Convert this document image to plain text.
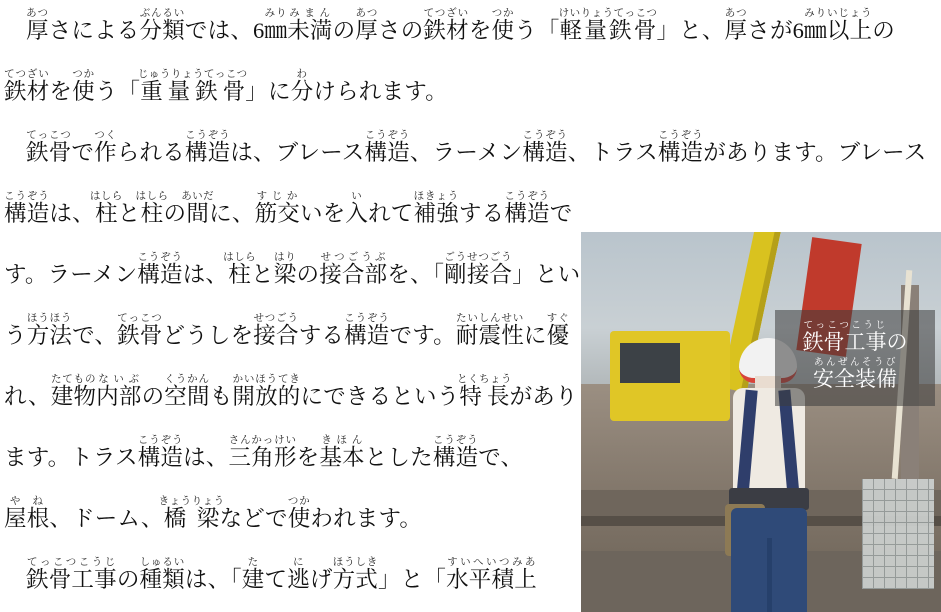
鉄骨工事てっこつこうじの
安全装備あんぜんそうび

厚あつさによる分類ぶんるいでは、6㎜みり未満みまんの厚あつさの鉄材てつざいを使つかう「軽量鉄骨けいりょうてっこつ」と、厚あつさが6㎜みり以上いじょうの鉄材てつざいを使つかう「重量鉄骨じゅうりょうてっこつ」に分わけられます。

鉄骨てっこつで作つくられる構造こうぞうは、ブレース構造こうぞう、ラーメン構造こうぞう、トラス構造こうぞうがあります。ブレース構造こうぞうは、柱はしらと柱はしらの間あいだに、筋交すじかいを入いれて補強ほきょうする構造こうぞうです。ラーメン構造こうぞうは、柱はしらと梁はりの接合部せつごうぶを、「剛接合ごうせつごう」という方法ほうほうで、鉄骨てっこつどうしを接合せつごうする構造こうぞうです。耐震性たいしんせいに優すぐれ、建物たてもの内部ないぶの空間くうかんも開放的かいほうてきにできるという特長とくちょうがあります。トラス構造こうぞうは、三角形さんかっけいを基本きほんとした構造こうぞうで、屋根やね、ドーム、橋梁きょうりょうなどで使つかわれます。

鉄骨工事てっこつこうじの種類しゅるいは、「建たて逃にげ方式ほうしき」と「水平積上すいへいつみあ
